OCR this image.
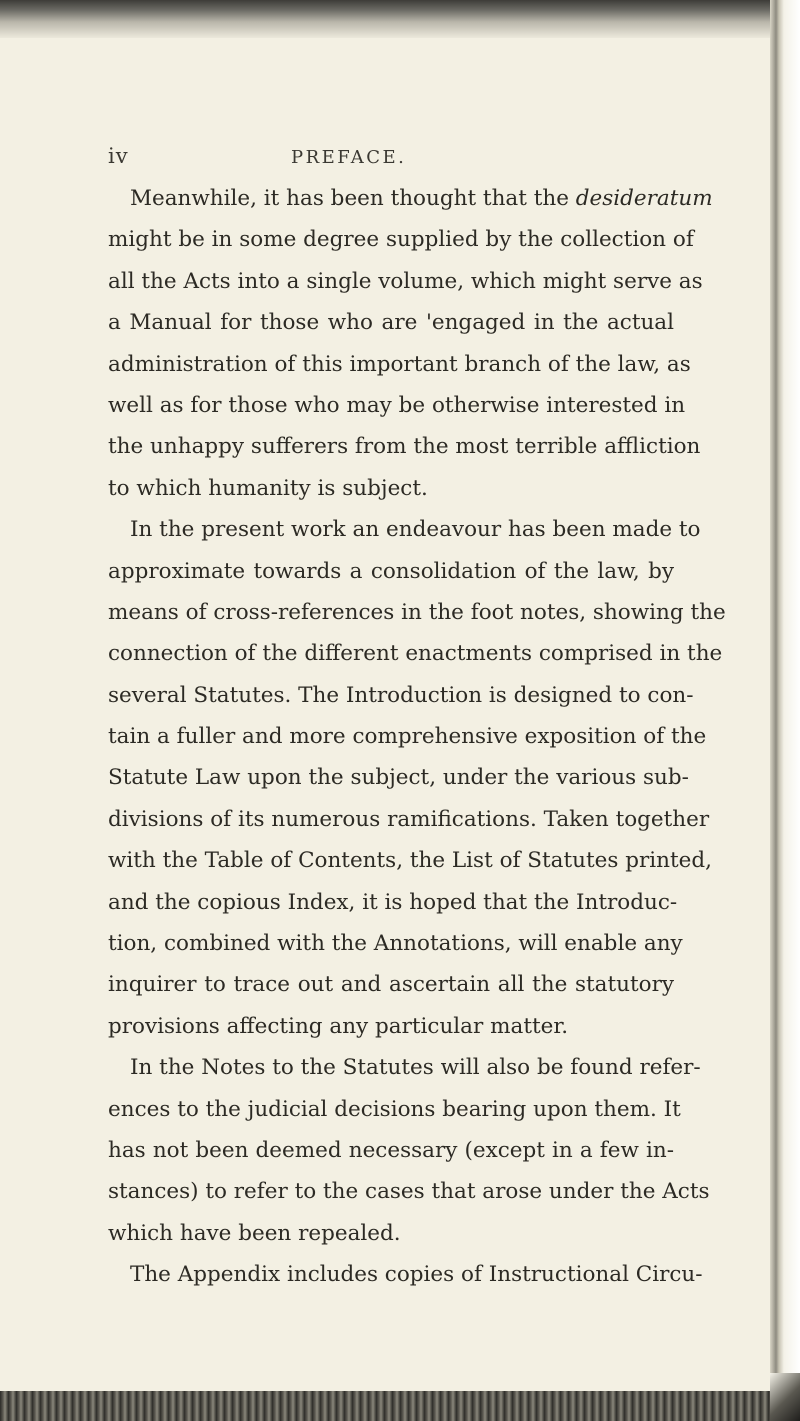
iv	PREFACE.
Meanwhile, it has been thought that the desideratum
might be in some degree supplied by the collection of
all the Acts into a single volume, which might serve as
a Manual for those who are 'engaged in the actual
administration of this important branch of the law, as
well as for those who may be otherwise interested in
the unhappy sufferers from the most terrible affliction
to which humanity is subject.
In the present work an endeavour has been made to
approximate towards a consolidation of the law, by
means of cross-references in the foot notes, showing the
connection of the different enactments comprised in the
several Statutes. The Introduction is designed to con-
tain a fuller and more comprehensive exposition of the
Statute Law upon the subject, under the various sub-
divisions of its numerous ramifications. Taken together
with the Table of Contents, the List of Statutes printed,
and the copious Index, it is hoped that the Introduc-
tion, combined with the Annotations, will enable any
inquirer to trace out and ascertain all the statutory
provisions affecting any particular matter.
In the Notes to the Statutes will also be found refer-
ences to the judicial decisions bearing upon them. It
has not been deemed necessary (except in a few in-
stances) to refer to the cases that arose under the Acts
which have been repealed.
The Appendix includes copies of Instructional Circu-
